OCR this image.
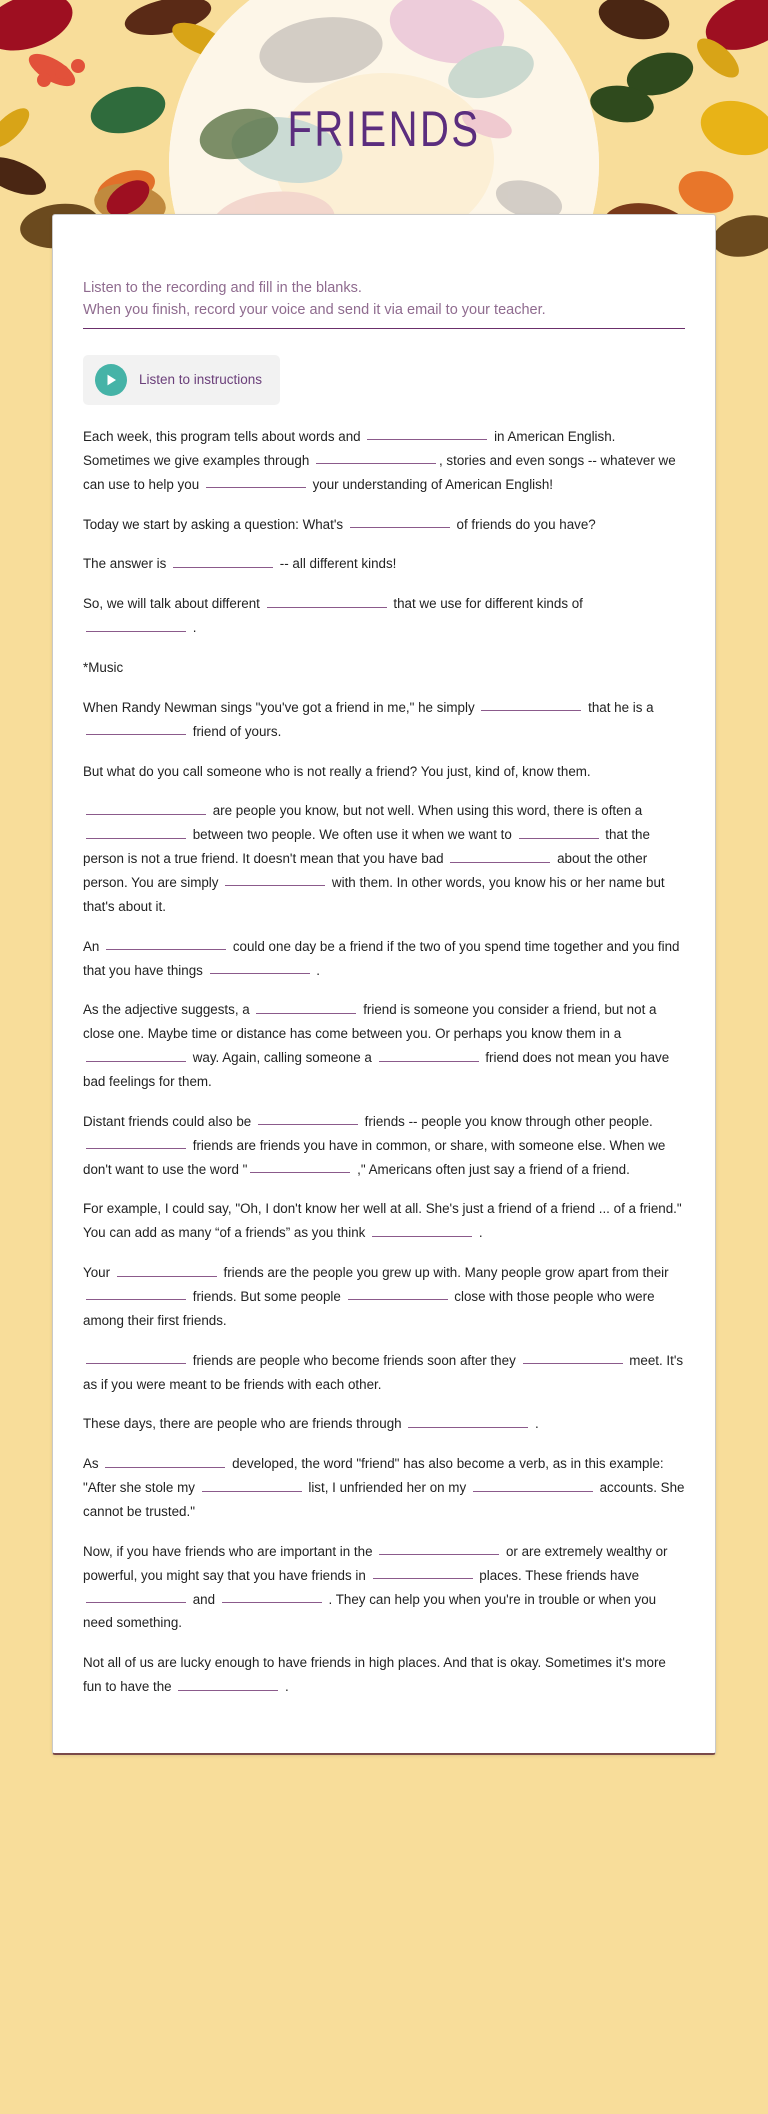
FRIENDS
Listen to the recording and fill in the blanks.
When you finish, record your voice and send it via email to your teacher.
Listen to instructions
Each week, this program tells about words and	in American English. Sometimes we give examples through	, stories and even songs -- whatever we can use to help you	your understanding of American English!
Today we start by asking a question: What's	of friends do you have?
The answer is	-- all different kinds!
So, we will talk about different	that we use for different kinds of  .
*Music
When Randy Newman sings "you've got a friend in me," he simply	that he is a  friend of yours.
But what do you call someone who is not really a friend? You just, kind of, know them.
are people you know, but not well. When using this word, there is often a  between two people. We often use it when we want to	that the person is not a true friend. It doesn't mean that you have bad	about the other person. You are simply	with them. In other words, you know his or her name but that's about it.
An	could one day be a friend if the two of you spend time together and you find that you have things	.
As the adjective suggests, a	friend is someone you consider a friend, but not a close one. Maybe time or distance has come between you. Or perhaps you know them in a  way. Again, calling someone a	friend does not mean you have bad feelings for them.
Distant friends could also be	friends -- people you know through other people.  friends are friends you have in common, or share, with someone else. When we don't want to use the word "	," Americans often just say a friend of a friend.
For example, I could say, "Oh, I don't know her well at all. She's just a friend of a friend ... of a friend." You can add as many “of a friends” as you think	.
Your	friends are the people you grew up with. Many people grow apart from their  friends. But some people	close with those people who were among their first friends.
friends are people who become friends soon after they	meet. It's as if you were meant to be friends with each other.
These days, there are people who are friends through	.
As	developed, the word "friend" has also become a verb, as in this example: "After she stole my	list, I unfriended her on my	accounts. She cannot be trusted."
Now, if you have friends who are important in the	or are extremely wealthy or powerful, you might say that you have friends in	places. These friends have  and	. They can help you when you're in trouble or when you need something.
Not all of us are lucky enough to have friends in high places. And that is okay. Sometimes it's more fun to have the	.
